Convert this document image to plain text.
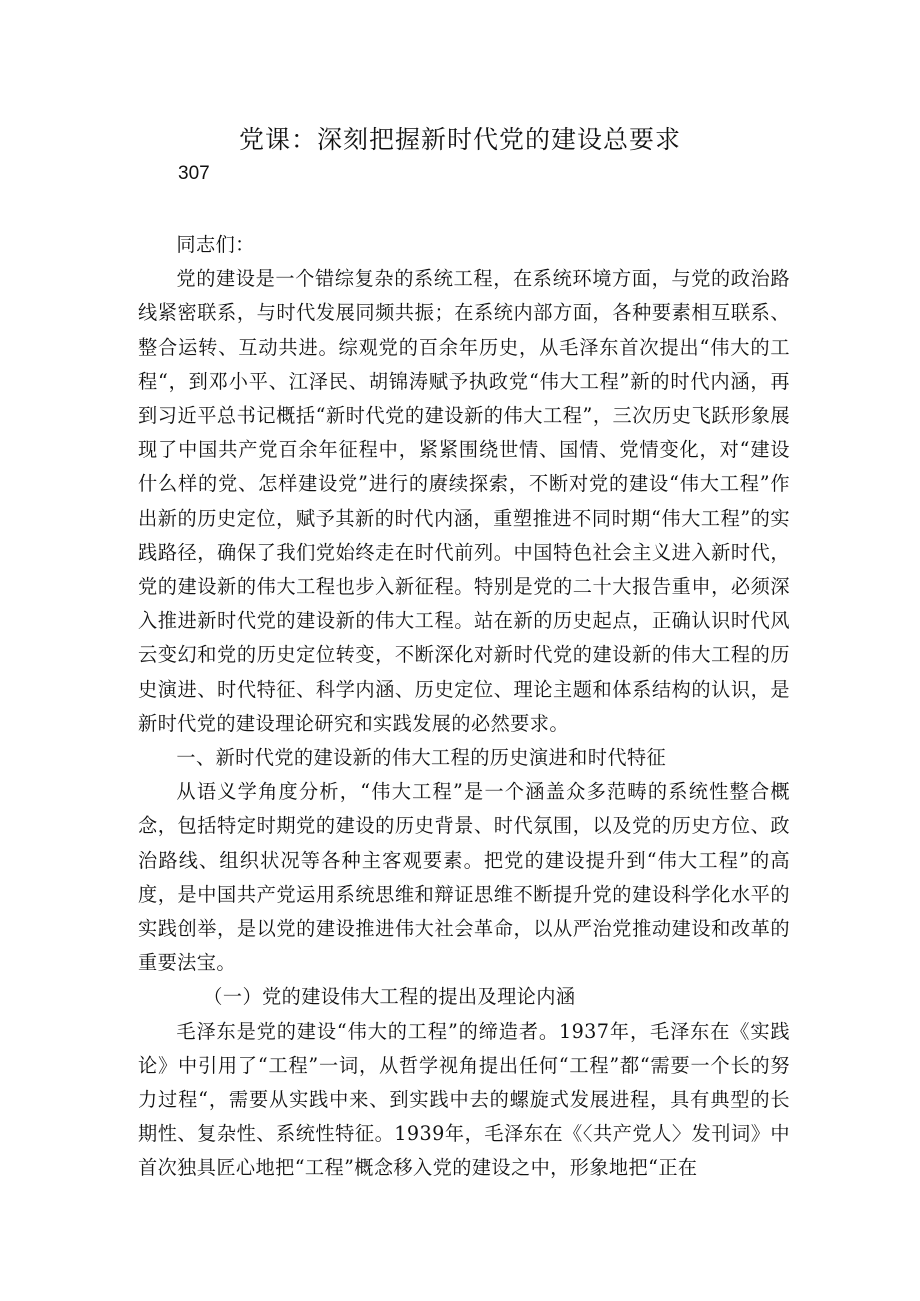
党课：深刻把握新时代党的建设总要求
307

同志们：

党的建设是一个错综复杂的系统工程，在系统环境方面，与党的政治路线紧密联系，与时代发展同频共振；在系统内部方面，各种要素相互联系、整合运转、互动共进。综观党的百余年历史，从毛泽东首次提出“伟大的工程“，到邓小平、江泽民、胡锦涛赋予执政党“伟大工程”新的时代内涵，再到习近平总书记概括“新时代党的建设新的伟大工程”，三次历史飞跃形象展现了中国共产党百余年征程中，紧紧围绕世情、国情、党情变化，对“建设什么样的党、怎样建设党”进行的赓续探索，不断对党的建设“伟大工程”作出新的历史定位，赋予其新的时代内涵，重塑推进不同时期“伟大工程”的实践路径，确保了我们党始终走在时代前列。中国特色社会主义进入新时代，党的建设新的伟大工程也步入新征程。特别是党的二十大报告重申，必须深入推进新时代党的建设新的伟大工程。站在新的历史起点，正确认识时代风云变幻和党的历史定位转变，不断深化对新时代党的建设新的伟大工程的历史演进、时代特征、科学内涵、历史定位、理论主题和体系结构的认识，是新时代党的建设理论研究和实践发展的必然要求。

一、新时代党的建设新的伟大工程的历史演进和时代特征

从语义学角度分析，“伟大工程”是一个涵盖众多范畴的系统性整合概念，包括特定时期党的建设的历史背景、时代氛围，以及党的历史方位、政治路线、组织状况等各种主客观要素。把党的建设提升到“伟大工程”的高度，是中国共产党运用系统思维和辩证思维不断提升党的建设科学化水平的实践创举，是以党的建设推进伟大社会革命，以从严治党推动建设和改革的重要法宝。

（一）党的建设伟大工程的提出及理论内涵

毛泽东是党的建设“伟大的工程”的缔造者。1937年，毛泽东在《实践论》中引用了“工程”一词，从哲学视角提出任何“工程”都“需要一个长的努力过程“，需要从实践中来、到实践中去的螺旋式发展进程，具有典型的长期性、复杂性、系统性特征。1939年，毛泽东在《〈共产党人〉发刊词》中首次独具匠心地把“工程”概念移入党的建设之中，形象地把“正在
